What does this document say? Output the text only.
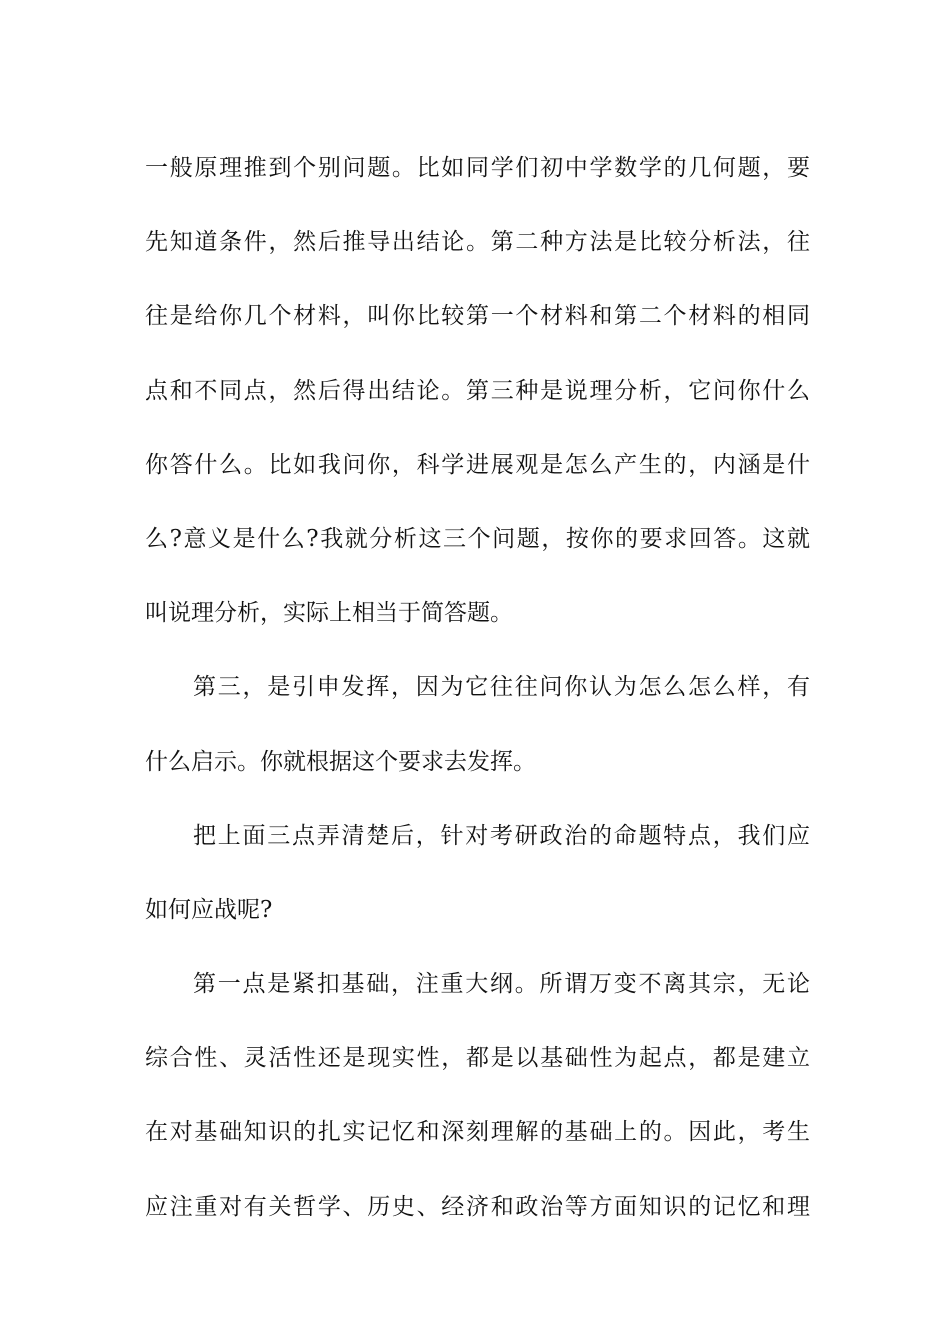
一般原理推到个别问题。比如同学们初中学数学的几何题，要
先知道条件，然后推导出结论。第二种方法是比较分析法，往
往是给你几个材料，叫你比较第一个材料和第二个材料的相同
点和不同点，然后得出结论。第三种是说理分析，它问你什么
你答什么。比如我问你，科学进展观是怎么产生的，内涵是什
么?意义是什么?我就分析这三个问题，按你的要求回答。这就
叫说理分析，实际上相当于简答题。
第三，是引申发挥，因为它往往问你认为怎么怎么样，有
什么启示。你就根据这个要求去发挥。
把上面三点弄清楚后，针对考研政治的命题特点，我们应
如何应战呢?
第一点是紧扣基础，注重大纲。所谓万变不离其宗，无论
综合性、灵活性还是现实性，都是以基础性为起点，都是建立
在对基础知识的扎实记忆和深刻理解的基础上的。因此，考生
应注重对有关哲学、历史、经济和政治等方面知识的记忆和理
